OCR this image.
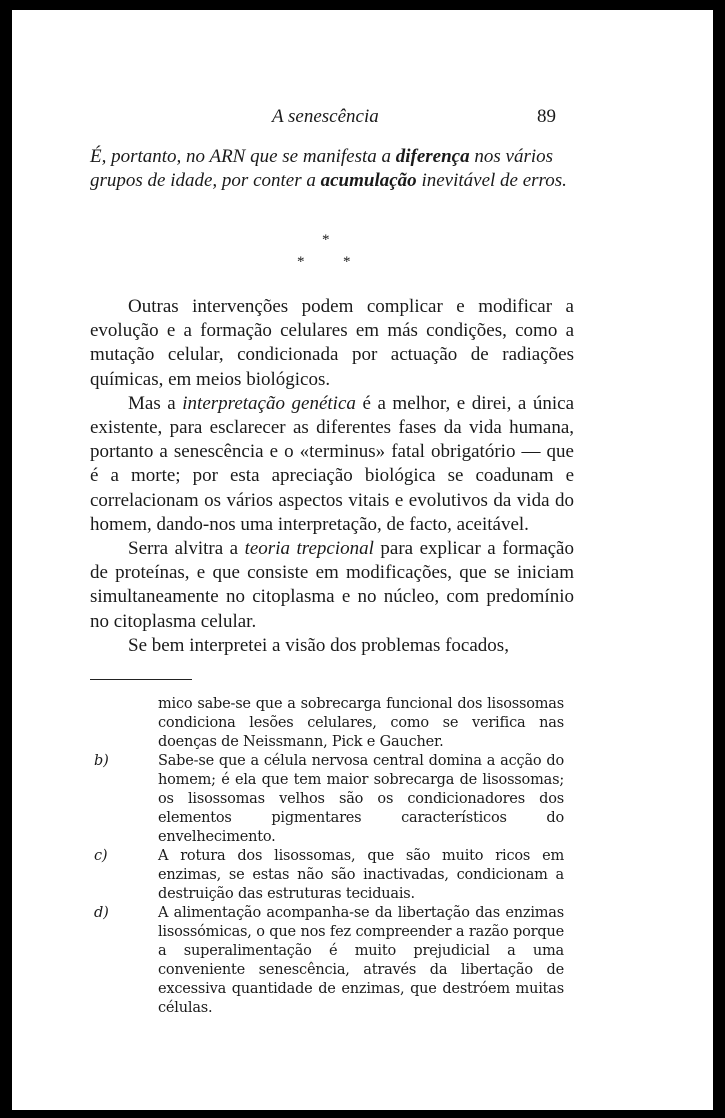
A senescência	89
É, portanto, no ARN que se manifesta a diferença nos vários grupos de idade, por conter a acumulação inevitável de erros.
*
*	*

Outras intervenções podem complicar e modificar a evolução e a formação celulares em más condições, como a mutação celular, condicionada por actuação de radiações químicas, em meios biológicos.

Mas a interpretação genética é a melhor, e direi, a única existente, para esclarecer as diferentes fases da vida humana, portanto a senescência e o «terminus» fatal obrigatório — que é a morte; por esta apreciação biológica se coadunam e correlacionam os vários aspectos vitais e evolutivos da vida do homem, dando-nos uma interpretação, de facto, aceitável.

Serra alvitra a teoria trepcional para explicar a formação de proteínas, e que consiste em modificações, que se iniciam simultaneamente no citoplasma e no núcleo, com predomínio no citoplasma celular.

Se bem interpretei a visão dos problemas focados,

mico sabe-se que a sobrecarga funcional dos lisossomas condiciona lesões celulares, como se verifica nas doenças de Neissmann, Pick e Gaucher.
b)	Sabe-se que a célula nervosa central domina a acção do homem; é ela que tem maior sobrecarga de lisossomas; os lisossomas velhos são os condicionadores dos elementos pigmentares característicos do envelhecimento.
c)	A rotura dos lisossomas, que são muito ricos em enzimas, se estas não são inactivadas, condicionam a destruição das estruturas teciduais.
d)	A alimentação acompanha-se da libertação das enzimas lisossómicas, o que nos fez compreender a razão porque a superalimentação é muito prejudicial a uma conveniente senescência, através da libertação de excessiva quantidade de enzimas, que destróem muitas células.
